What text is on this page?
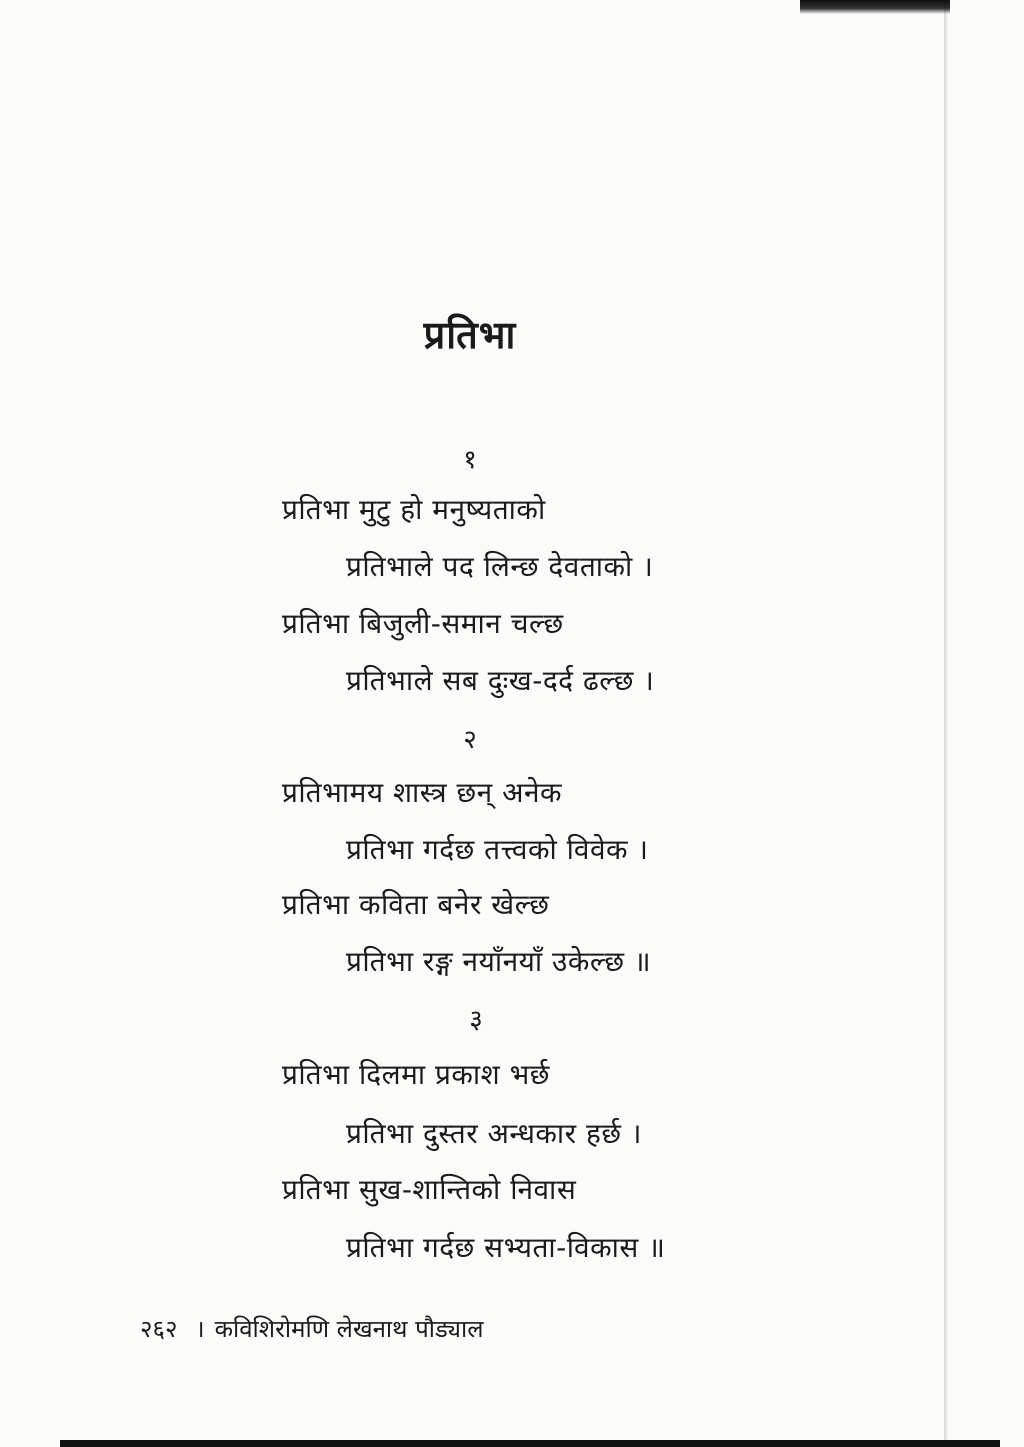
प्रतिभा
१
प्रतिभा मुटु हो मनुष्यताको
प्रतिभाले पद लिन्छ देवताको ।
प्रतिभा बिजुली-समान चल्छ
प्रतिभाले सब दुःख-दर्द ढल्छ ।
२
प्रतिभामय शास्त्र छन् अनेक
प्रतिभा गर्दछ तत्त्वको विवेक ।
प्रतिभा कविता बनेर खेल्छ
प्रतिभा रङ्ग नयाँनयाँ उकेल्छ ॥
३
प्रतिभा दिलमा प्रकाश भर्छ
प्रतिभा दुस्तर अन्धकार हर्छ ।
प्रतिभा सुख-शान्तिको निवास
प्रतिभा गर्दछ सभ्यता-विकास ॥
२६२ । कविशिरोमणि लेखनाथ पौड्याल
